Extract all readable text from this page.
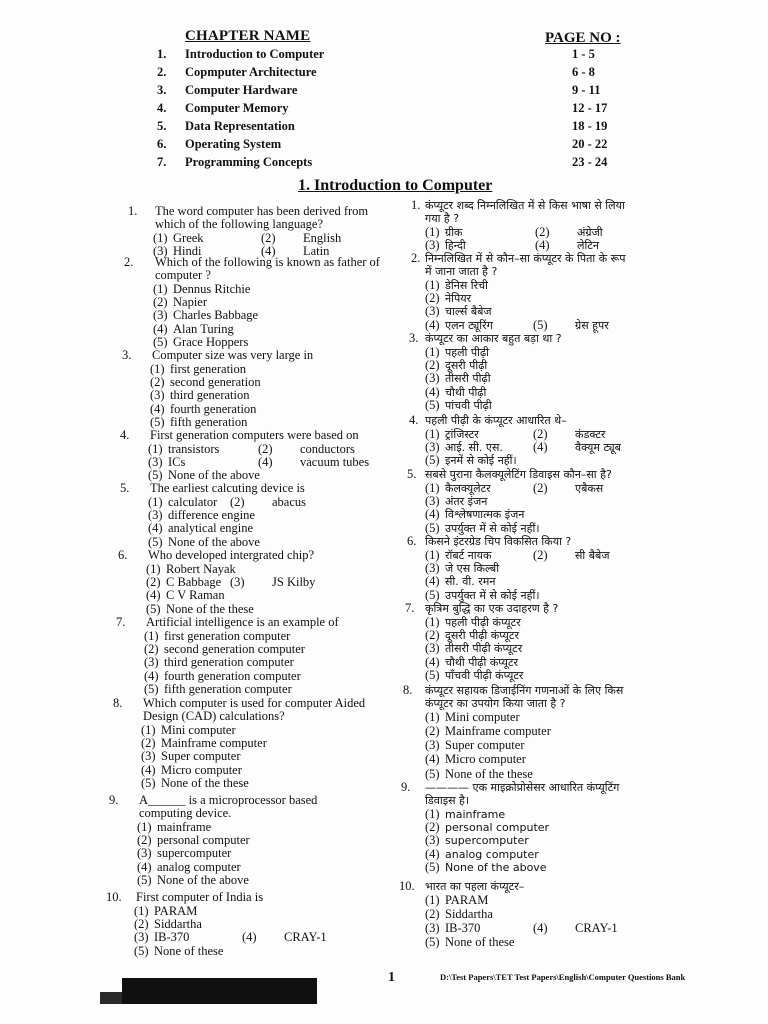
CHAPTER NAME	PAGE NO :
1. Introduction to Computer	1 - 5
2. Copmputer Architecture	6 - 8
3. Computer Hardware	9 - 11
4. Computer Memory	12 - 17
5. Data Representation	18 - 19
6. Operating System	20 - 22
7. Programming Concepts	23 - 24
1. Introduction to Computer
1. The word computer has been derived from
which of the following language?
(1) Greek	(2) English
(3) Hindi	(4) Latin
2. Which of the following is known as father of
computer ?
(1) Dennus Ritchie
(2) Napier
(3) Charles Babbage
(4) Alan Turing
(5) Grace Hoppers
3. Computer size was very large in
(1) first generation
(2) second generation
(3) third generation
(4) fourth generation
(5) fifth generation
4. First generation computers were based on
(1) transistors	(2) conductors
(3) ICs	(4) vacuum tubes
(5) None of the above
5. The earliest calcuting device is
(1) calculator (2) abacus
(3) difference engine
(4) analytical engine
(5) None of the above
6. Who developed intergrated chip?
(1) Robert Nayak
(2) C Babbage (3) JS Kilby
(4) C V Raman
(5) None of the these
7. Artificial intelligence is an example of
(1) first generation computer
(2) second generation computer
(3) third generation computer
(4) fourth generation computer
(5) fifth generation computer
8. Which computer is used for computer Aided
Design (CAD) calculations?
(1) Mini computer
(2) Mainframe computer
(3) Super computer
(4) Micro computer
(5) None of the these
9. A______ is a microprocessor based
computing device.
(1) mainframe
(2) personal computer
(3) supercomputer
(4) analog computer
(5) None of the above
10. First computer of India is
(1) PARAM
(2) Siddartha
(3) IB-370	(4) CRAY-1
(5) None of these
1. कंप्यूटर शब्द निम्नलिखित में से किस भाषा से लिया
गया है ?
(1) ग्रीक	(2) अंग्रेजी
(3) हिन्दी	(4) लेटिन
2. निम्नलिखित में से कौन–सा कंप्यूटर के पिता के रूप
में जाना जाता है ?
(1) डेनिस रिची
(2) नेपियर
(3) चार्ल्स बैबेज
(4) एलन ट्यूरिंग	(5) ग्रेस हूपर
3. कंप्यूटर का आकार बहुत बड़ा था ?
(1) पहली पीढ़ी
(2) दूसरी पीढ़ी
(3) तीसरी पीढ़ी
(4) चौथी पीढ़ी
(5) पांचवी पीढ़ी
4. पहली पीढ़ी के कंप्यूटर आधारित थे–
(1) ट्रांजिस्टर	(2) कंडक्टर
(3) आई. सी. एस. (4) वैक्यूम ट्यूब
(5) इनमें से कोई नहीं।
5. सबसे पुराना कैलक्यूलेटिंग डिवाइस कौन–सा है?
(1) कैलक्यूलेटर	(2) एबैकस
(3) अंतर इंजन
(4) विश्लेषणात्मक इंजन
(5) उपर्युक्त में से कोई नहीं।
6. किसने इंटरग्रेड चिप विकसित किया ?
(1) रॉबर्ट नायक	(2) सी बैबेज
(3) जे एस किल्बी
(4) सी. वी. रमन
(5) उपर्युक्त में से कोई नहीं।
7. कृत्रिम बुद्धि का एक उदाहरण है ?
(1) पहली पीढ़ी कंप्यूटर
(2) दूसरी पीढ़ी कंप्यूटर
(3) तीसरी पीढ़ी कंप्यूटर
(4) चौथी पीढ़ी कंप्यूटर
(5) पाँचवी पीढ़ी कंप्यूटर
8. कंप्यूटर सहायक डिजाईनिंग गणनाओं के लिए किस
कंप्यूटर का उपयोग किया जाता है ?
(1) Mini computer
(2) Mainframe computer
(3) Super computer
(4) Micro computer
(5) None of the these
9. ———— एक माइक्रोप्रोसेसर आधारित कंप्यूटिंग
डिवाइस है।
(1) mainframe
(2) personal computer
(3) supercomputer
(4) analog computer
(5) None of the above
10. भारत का पहला कंप्यूटर–
(1) PARAM
(2) Siddartha
(3) IB-370	(4) CRAY-1
(5) None of these
1	D:\Test Papers\TET Test Papers\English\Computer Questions Bank
